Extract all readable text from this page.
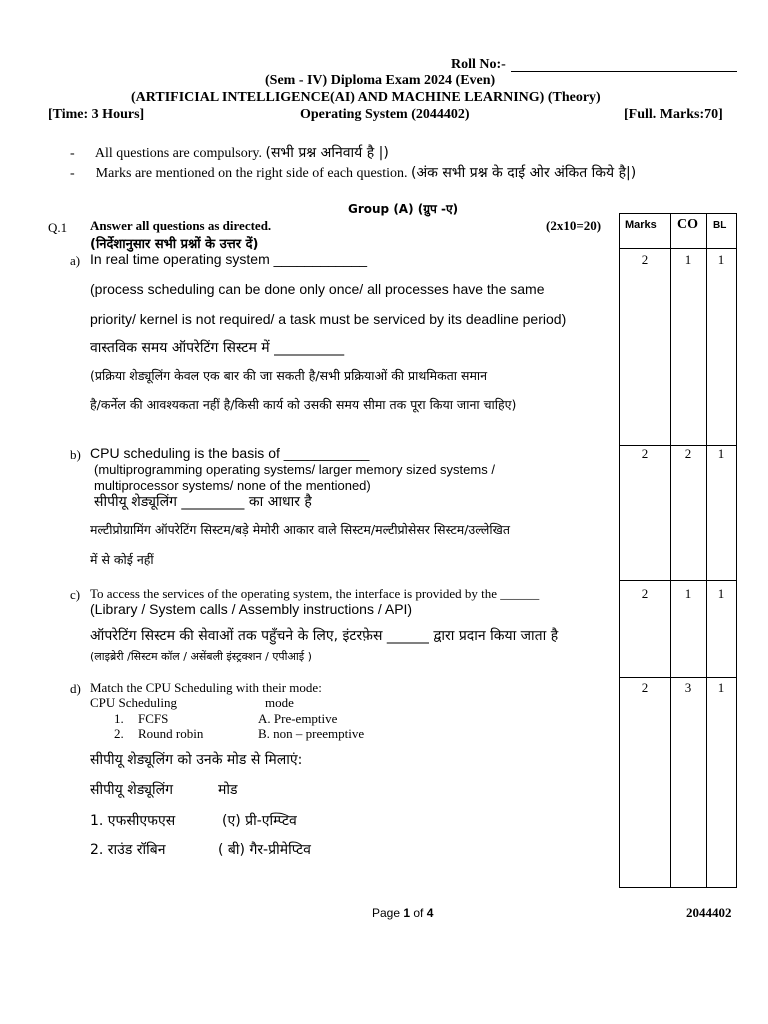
Roll No:-
(Sem - IV) Diploma Exam 2024 (Even)
(ARTIFICIAL INTELLIGENCE(AI) AND MACHINE LEARNING) (Theory)
[Time: 3 Hours]	Operating System (2044402)	[Full. Marks:70]
- All questions are compulsory. (सभी प्रश्न अनिवार्य है |)
- Marks are mentioned on the right side of each question. (अंक सभी प्रश्न के दाई ओर अंकित किये है|)
Group (A) (ग्रुप -ए)
Q.1 Answer all questions as directed.
(निर्देशानुसार सभी प्रश्नों के उत्तर दें)
(2x10=20) Marks CO BL
2	1	1
2	2	1
2	1	1
2	3	1
a) In real time operating system ____________
(process scheduling can be done only once/ all processes have the same
priority/ kernel is not required/ a task must be serviced by its deadline period)
वास्तविक समय ऑपरेटिंग सिस्टम में __________
(प्रक्रिया शेड्यूलिंग केवल एक बार की जा सकती है/सभी प्रक्रियाओं की प्राथमिकता समान
है/कर्नेल की आवश्यकता नहीं है/किसी कार्य को उसकी समय सीमा तक पूरा किया जाना चाहिए)
b) CPU scheduling is the basis of ___________
(multiprogramming operating systems/ larger memory sized systems /
multiprocessor systems/ none of the mentioned)
सीपीयू शेड्यूलिंग _________ का आधार है
मल्टीप्रोग्रामिंग ऑपरेटिंग सिस्टम/बड़े मेमोरी आकार वाले सिस्टम/मल्टीप्रोसेसर सिस्टम/उल्लेखित
में से कोई नहीं
c) To access the services of the operating system, the interface is provided by the ______
(Library / System calls / Assembly instructions / API)
ऑपरेटिंग सिस्टम की सेवाओं तक पहुँचने के लिए, इंटरफ़ेस ______ द्वारा प्रदान किया जाता है
(लाइब्रेरी /सिस्टम कॉल / असेंबली इंस्ट्रक्शन / एपीआई )
d) Match the CPU Scheduling with their mode:
CPU Scheduling	mode
1. FCFS	A. Pre-emptive
2. Round robin	B. non – preemptive
सीपीयू शेड्यूलिंग को उनके मोड से मिलाएं:
सीपीयू शेड्यूलिंग	मोड
1. एफसीएफएस	(ए) प्री-एम्प्टिव
2. राउंड रॉबिन	( बी) गैर-प्रीमेप्टिव
Page 1 of 4	2044402
